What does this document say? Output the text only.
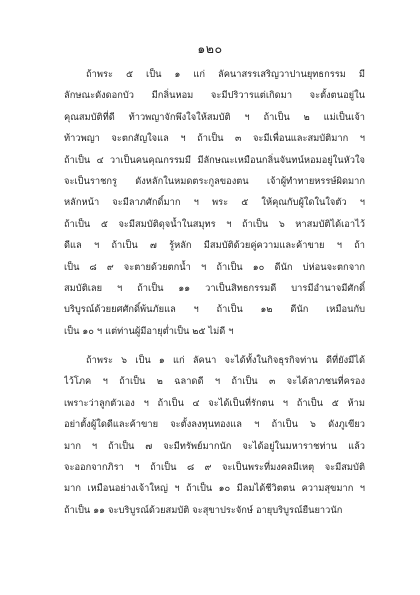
๑๒๐
ถ้าพระ ๕ เป็น ๑ แก่ ลัคนาสรรเสริญวาปานยุทธกรรม มี
ลักษณะดังดอกบัว มีกลิ่นหอม จะมีปริวารแต่เกิดมา จะตั้งตนอยู่ใน
คุณสมบัติที่ดี ท้าวพญาจักพึงใจให้สมบัติ ฯ ถ้าเป็น ๒ แม่เป็นเจ้า
ท้าวพญา จะตกสัญใจแล ฯ ถ้าเป็น ๓ จะมีเพื่อนและสมบัติมาก ฯ
ถ้าเป็น ๔ วาเป็นคนคุณกรรมมี มีลักษณะเหมือนกลิ่นจันทน์หอมอยู่ในหัวใจ
จะเป็นราชกรู ดังหลักในหมดตระกูลของตน เจ้าผู้ทำทายหรรษ์ผิดมาก
หลักหน้า จะมีลาภศักดิ์มาก ฯ พระ ๕ ให้คุณกับผู้ใดในใจตัว ฯ
ถ้าเป็น ๕ จะมีสมบัติดุจน้ำในสมุทร ฯ ถ้าเป็น ๖ หาสมบัติได้เอาไว้
ดีแล ฯ ถ้าเป็น ๗ รู้หลัก มีสมบัติด้วยคู่ความและค้าขาย ฯ ถ้า
เป็น ๘ ๙ จะตายด้วยตกน้ำ ฯ ถ้าเป็น ๑๐ ดีนัก บ่ห่อนจะตกจาก
สมบัติเลย ฯ ถ้าเป็น ๑๑ วาเป็นสิทธกรรมดี บารมีอำนาจมีศักดิ์
บริบูรณ์ด้วยยศศักดิ์พ้นภัยแล ฯ ถ้าเป็น ๑๒ ดีนัก เหมือนกับ
เป็น ๑๐ ฯ แต่ท่านผู้มีอายุต่ำเป็น ๒๕ ไม่ดี ฯ
ถ้าพระ ๖ เป็น ๑ แก่ ลัคนา จะได้ทั้งในกิจธุรกิจท่าน ดีที่ยังมีได้
ไว้โภค ฯ ถ้าเป็น ๒ ฉลาดดี ฯ ถ้าเป็น ๓ จะได้ลาภชนที่ครอง
เพราะว่าลูกตัวเอง ฯ ถ้าเป็น ๔ จะได้เป็นที่รักตน ฯ ถ้าเป็น ๕ ห้าม
อย่าตั้งผู้ใดดีและค้าขาย จะตั้งลงทุนทองแล ฯ ถ้าเป็น ๖ ดังภูเขียว
มาก ฯ ถ้าเป็น ๗ จะมีทรัพย์มากนัก จะได้อยู่ในมหาราชท่าน แล้ว
จะออกจากภิรา ฯ ถ้าเป็น ๘ ๙ จะเป็นพระที่มงคลมีเหตุ จะมีสมบัติ
มาก เหมือนอย่างเจ้าใหญ่ ฯ ถ้าเป็น ๑๐ มีลมได้ชีวิตตน ความสุขมาก ฯ
ถ้าเป็น ๑๑ จะบริบูรณ์ด้วยสมบัติ จะสุขาประจักษ์ อายุบริบูรณ์ยืนยาวนัก
